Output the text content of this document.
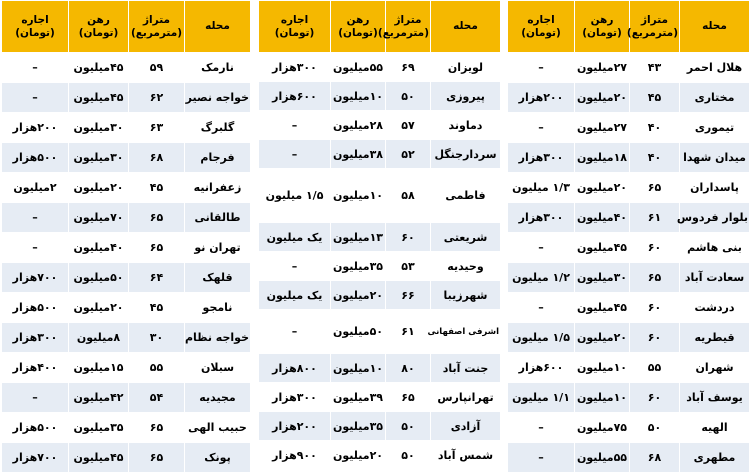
محله	متراژ (مترمربع)	رهن (تومان)	اجاره (تومان)
هلال احمر	۴۳	۲۷میلیون	–
مختاری	۴۵	۲۰میلیون	۲۰۰هزار
تیموری	۴۰	۲۷میلیون	–
میدان شهدا	۴۰	۱۸میلیون	۳۰۰هزار
پاسداران	۶۵	۲۰میلیون	۱/۳ میلیون
بلوار فردوس	۶۱	۴۰میلیون	۳۰۰هزار
بنی هاشم	۶۰	۴۵میلیون	–
سعادت آباد	۶۵	۳۰میلیون	۱/۲ میلیون
دردشت	۶۰	۴۵میلیون	–
قیطریه	۶۰	۲۰میلیون	۱/۵ میلیون
شهران	۵۵	۱۰میلیون	۶۰۰هزار
یوسف آباد	۶۰	۱۰میلیون	۱/۱ میلیون
الهیه	۵۰	۷۵میلیون	–
مطهری	۶۸	۵۵میلیون	–
محله	متراژ (مترمربع)	رهن (تومان)	اجاره (تومان)
لویزان	۶۹	۵۵میلیون	۳۰۰هزار
پیروزی	۵۰	۱۰میلیون	۶۰۰هزار
دماوند	۵۷	۲۸میلیون	–
سردارجنگل	۵۲	۳۸میلیون	–
فاطمی	۵۸	۱۰میلیون	۱/۵ میلیون
شریعتی	۶۰	۱۳میلیون	یک میلیون
وحیدیه	۵۳	۳۵میلیون	–
شهرزیبا	۶۶	۲۰میلیون	یک میلیون
اشرفی اصفهانی	۶۱	۵۰میلیون	–
جنت آباد	۸۰	۱۰میلیون	۸۰۰هزار
تهرانپارس	۶۵	۳۹میلیون	۳۰۰هزار
آزادی	۵۰	۳۵میلیون	۲۰۰هزار
شمس آباد	۵۰	۲۰میلیون	۹۰۰هزار
محله	متراژ (مترمربع)	رهن (تومان)	اجاره (تومان)
نارمک	۵۹	۴۵میلیون	–
خواجه نصیر	۶۲	۴۵میلیون	–
گلبرگ	۶۳	۳۰میلیون	۲۰۰هزار
فرجام	۶۸	۳۰میلیون	۵۰۰هزار
زعفرانیه	۴۵	۲۰میلیون	۲میلیون
طالقانی	۶۵	۷۰میلیون	–
تهران نو	۶۵	۴۰میلیون	–
قلهک	۶۴	۵۰میلیون	۷۰۰هزار
نامجو	۴۵	۲۰میلیون	۵۰۰هزار
خواجه نظام	۳۰	۸میلیون	۳۰۰هزار
سبلان	۵۵	۱۵میلیون	۴۰۰هزار
مجیدیه	۵۴	۴۲میلیون	–
حبیب الهی	۶۵	۳۵میلیون	۵۰۰هزار
پونک	۶۵	۴۵میلیون	۷۰۰هزار
